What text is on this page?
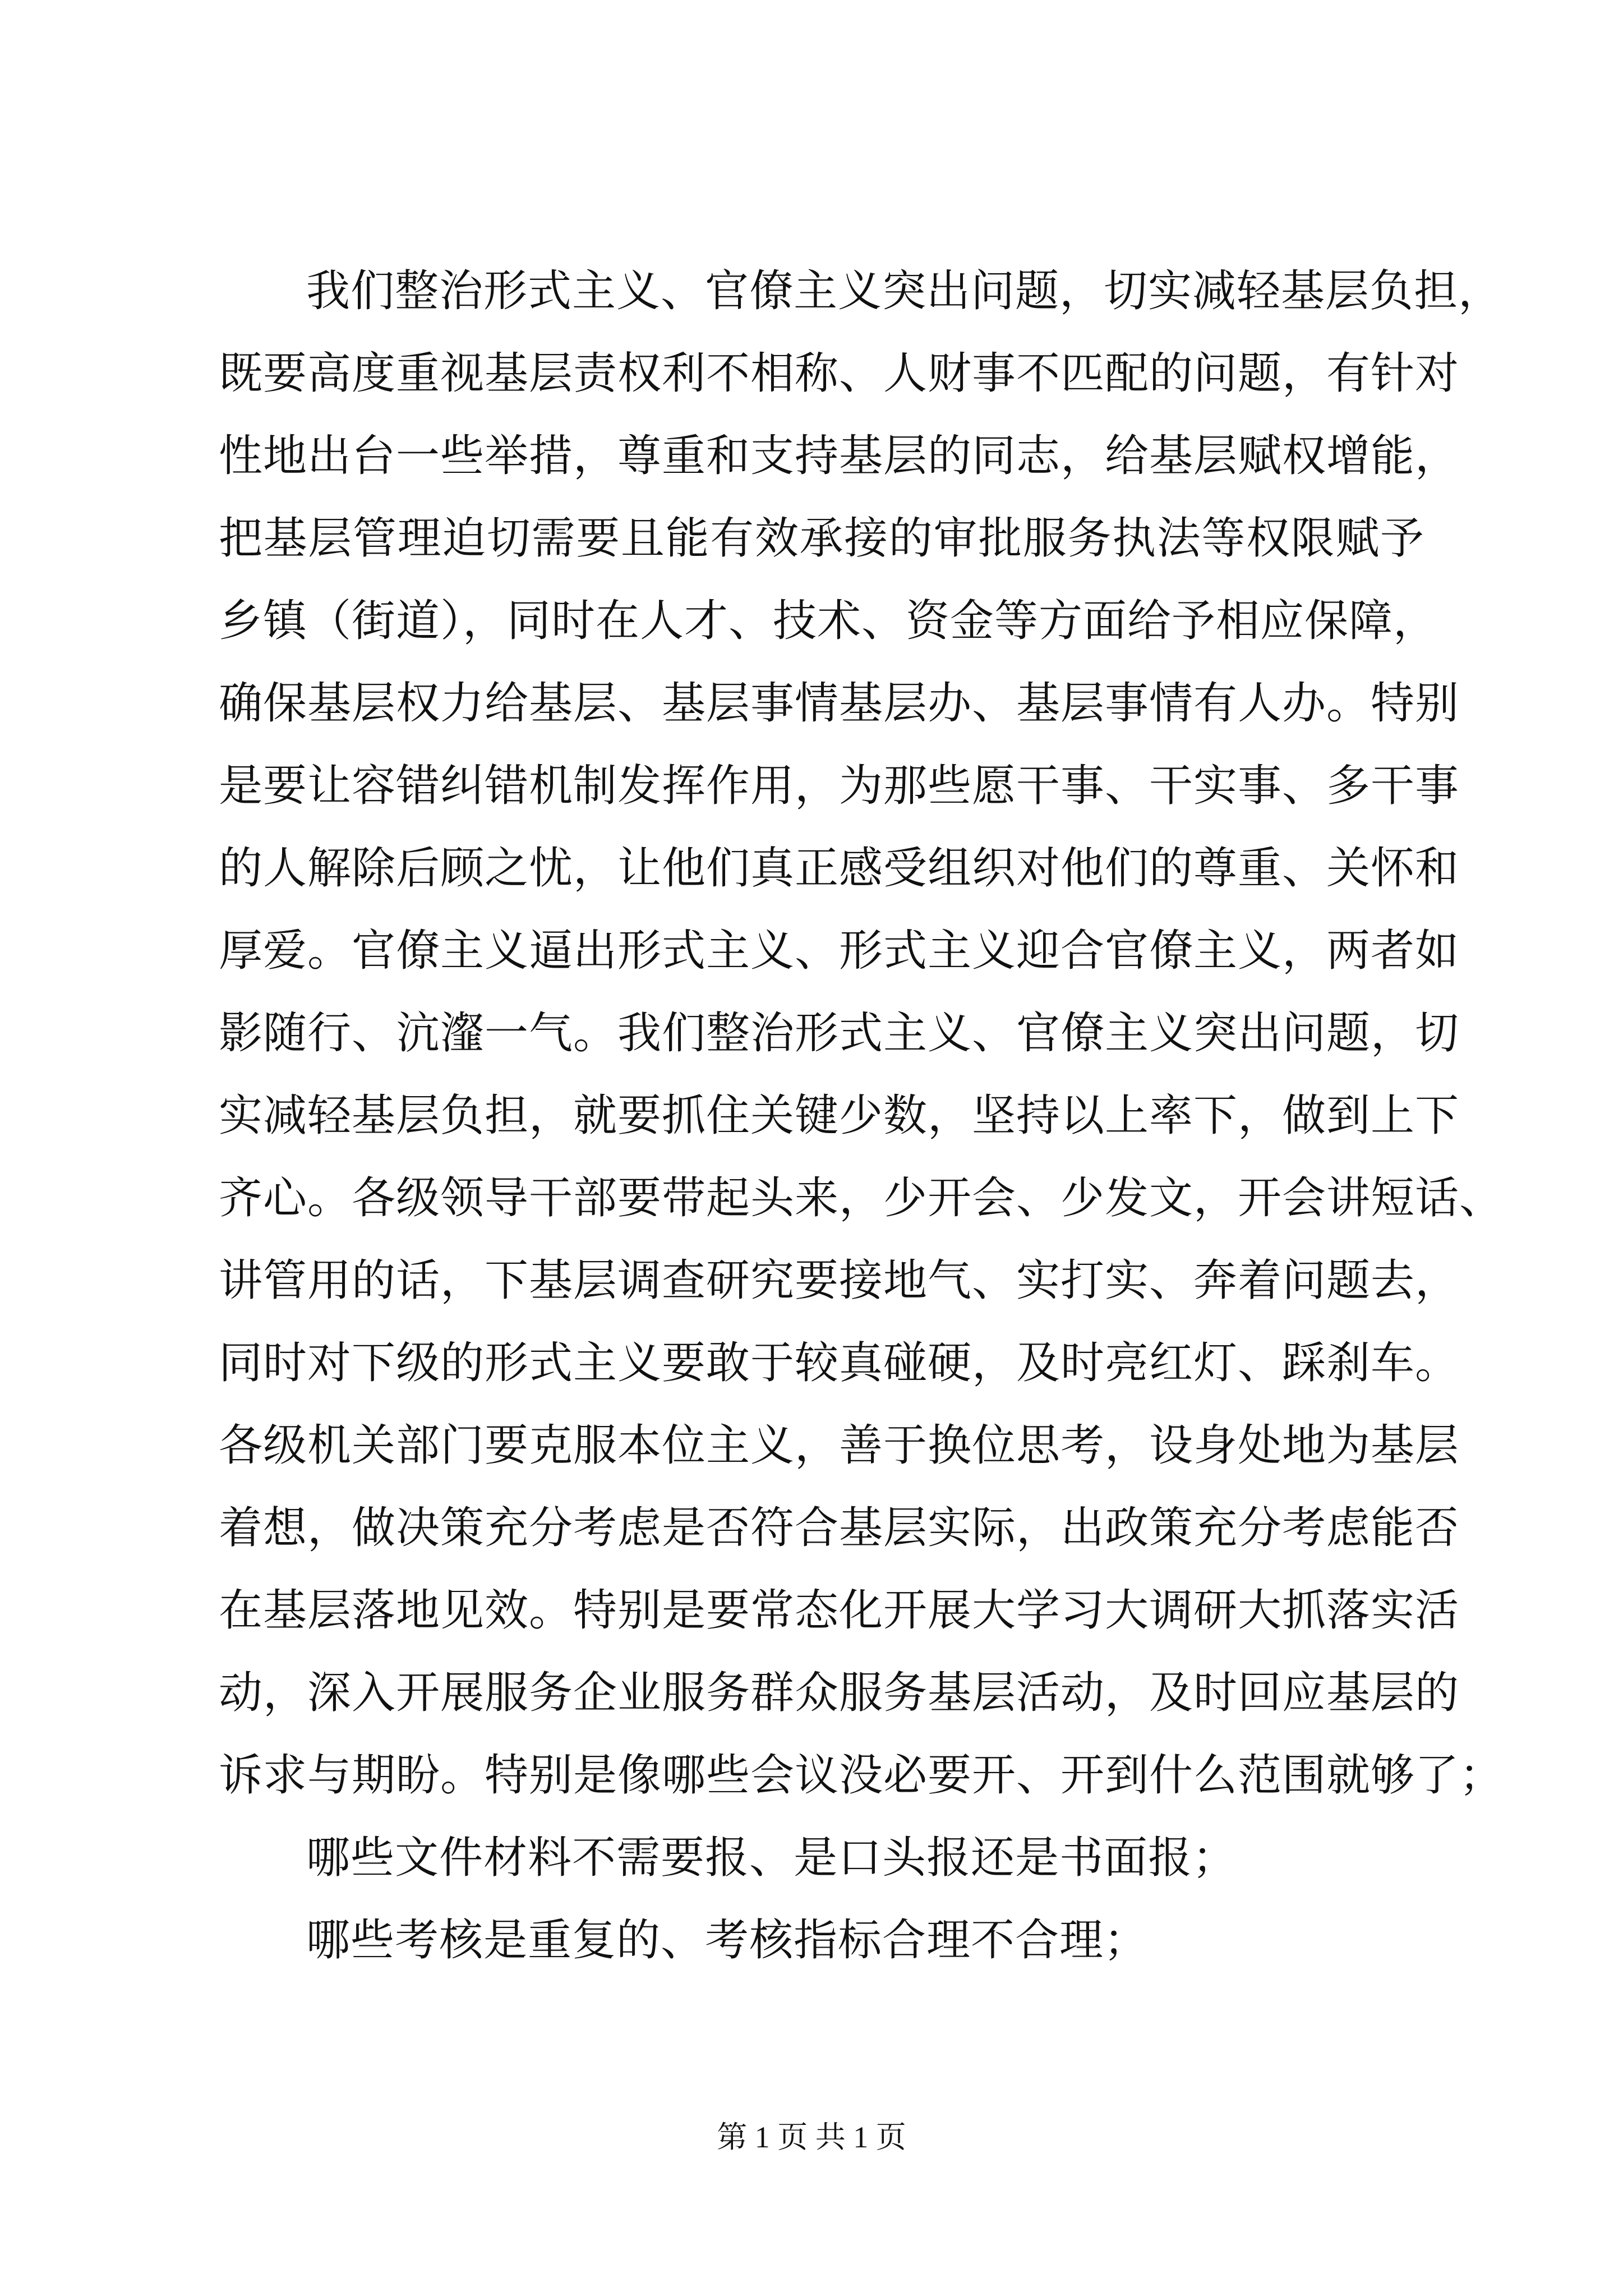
我们整治形式主义、官僚主义突出问题，切实减轻基层负担，
既要高度重视基层责权利不相称、人财事不匹配的问题，有针对
性地出台一些举措，尊重和支持基层的同志，给基层赋权增能，
把基层管理迫切需要且能有效承接的审批服务执法等权限赋予
乡镇（街道），同时在人才、技术、资金等方面给予相应保障，
确保基层权力给基层、基层事情基层办、基层事情有人办。特别
是要让容错纠错机制发挥作用，为那些愿干事、干实事、多干事
的人解除后顾之忧，让他们真正感受组织对他们的尊重、关怀和
厚爱。官僚主义逼出形式主义、形式主义迎合官僚主义，两者如
影随行、沆瀣一气。我们整治形式主义、官僚主义突出问题，切
实减轻基层负担，就要抓住关键少数，坚持以上率下，做到上下
齐心。各级领导干部要带起头来，少开会、少发文，开会讲短话、
讲管用的话，下基层调查研究要接地气、实打实、奔着问题去，
同时对下级的形式主义要敢于较真碰硬，及时亮红灯、踩刹车。
各级机关部门要克服本位主义，善于换位思考，设身处地为基层
着想，做决策充分考虑是否符合基层实际，出政策充分考虑能否
在基层落地见效。特别是要常态化开展大学习大调研大抓落实活
动，深入开展服务企业服务群众服务基层活动，及时回应基层的
诉求与期盼。特别是像哪些会议没必要开、开到什么范围就够了；
哪些文件材料不需要报、是口头报还是书面报；
哪些考核是重复的、考核指标合理不合理；
第 1 页 共 1 页
